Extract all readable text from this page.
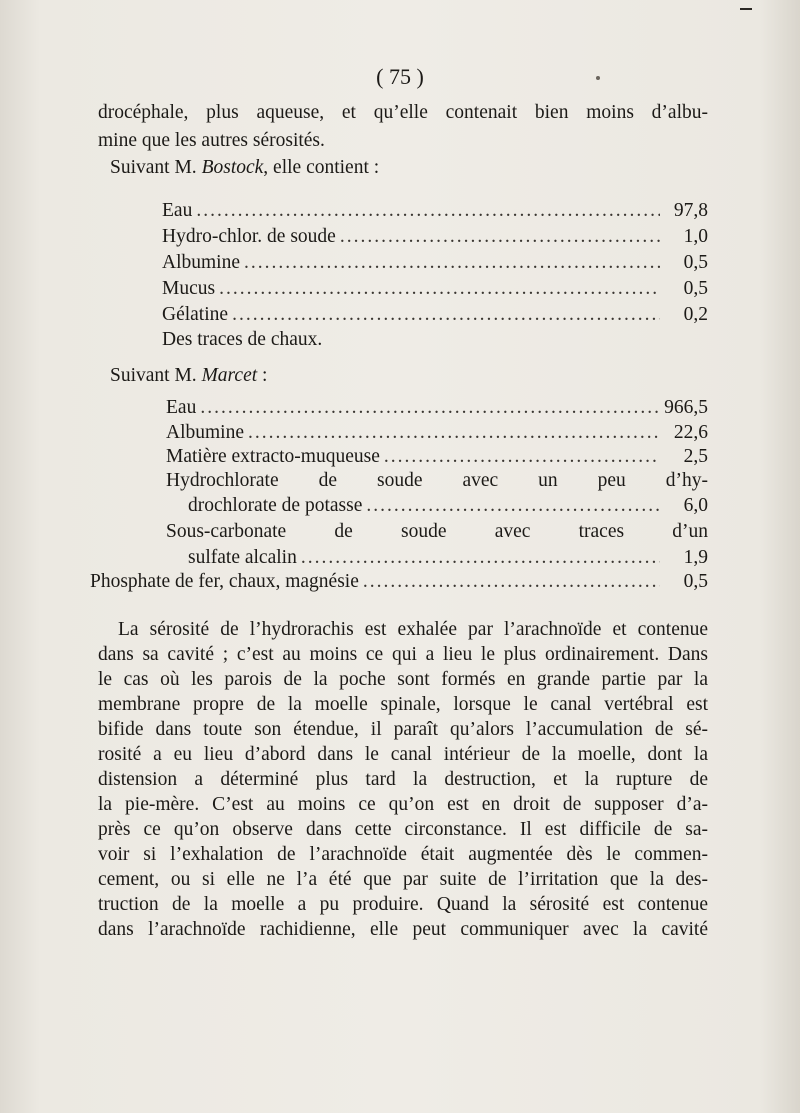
( 75 )
drocéphale, plus aqueuse, et qu’elle contenait bien moins d’albu-
mine que les autres sérosités.
Suivant M. Bostock, elle contient :
Eau .....	97,8
Hydro-chlor. de soude .....	1,0
Albumine .....	0,5
Mucus .....	0,5
Gélatine .....	0,2
Des traces de chaux.
Suivant M. Marcet :
Eau .....	966,5
Albumine .....	22,6
Matière extracto-muqueuse .....	2,5
Hydrochlorate de soude avec un peu d’hy-
drochlorate de potasse .....	6,0
Sous-carbonate de soude avec traces d’un
sulfate alcalin .....	1,9
Phosphate de fer, chaux, magnésie .....	0,5
La sérosité de l’hydrorachis est exhalée par l’arachnoïde et contenue
dans sa cavité ; c’est au moins ce qui a lieu le plus ordinairement. Dans
le cas où les parois de la poche sont formés en grande partie par la
membrane propre de la moelle spinale, lorsque le canal vertébral est
bifide dans toute son étendue, il paraît qu’alors l’accumulation de sé-
rosité a eu lieu d’abord dans le canal intérieur de la moelle, dont la
distension a déterminé plus tard la destruction, et la rupture de
la pie-mère. C’est au moins ce qu’on est en droit de supposer d’a-
près ce qu’on observe dans cette circonstance. Il est difficile de sa-
voir si l’exhalation de l’arachnoïde était augmentée dès le commen-
cement, ou si elle ne l’a été que par suite de l’irritation que la des-
truction de la moelle a pu produire. Quand la sérosité est contenue
dans l’arachnoïde rachidienne, elle peut communiquer avec la cavité
